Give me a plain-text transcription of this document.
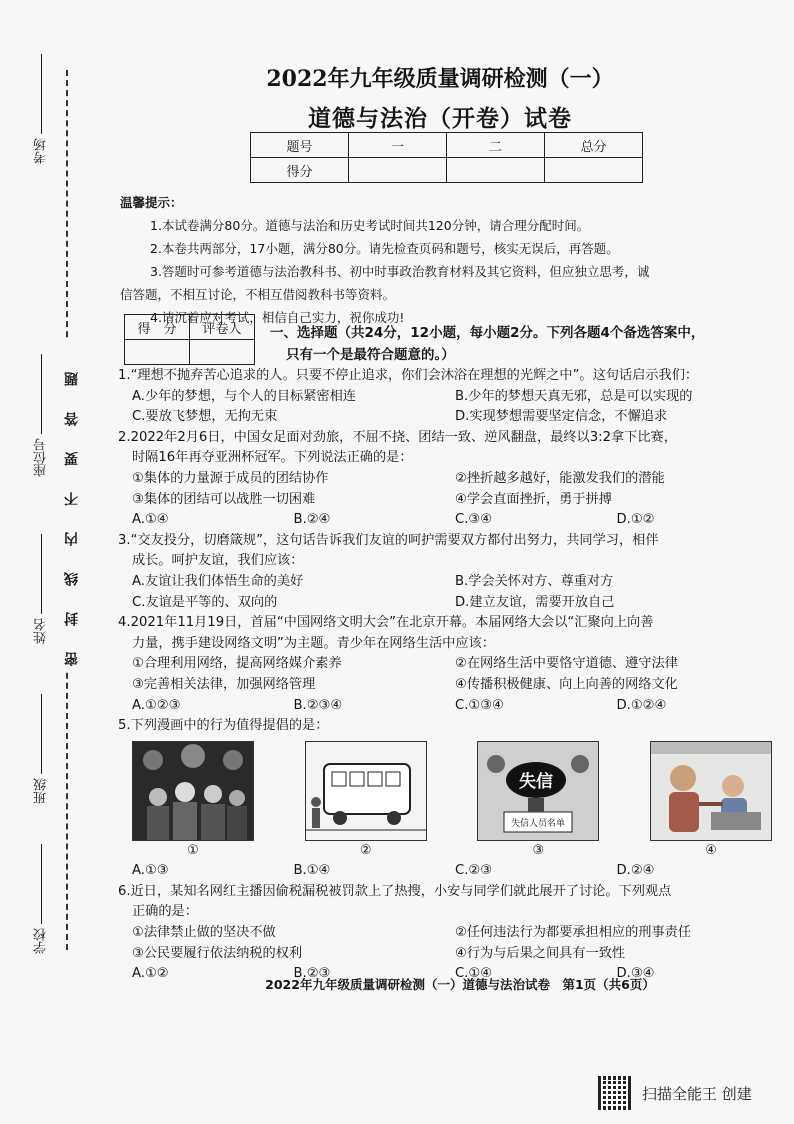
考场
座位号
姓名
班级
学校
密封线内不要答题
2022年九年级质量调研检测（一）
道德与法治（开卷）试卷
题号	一	二	总分
得分			
温馨提示：
1.本试卷满分80分。道德与法治和历史考试时间共120分钟，请合理分配时间。
2.本卷共两部分，17小题，满分80分。请先检查页码和题号，核实无误后，再答题。
3.答题时可参考道德与法治教科书、初中时事政治教育材料及其它资料，但应独立思考，诚
信答题，不相互讨论，不相互借阅教科书等资料。
4.请沉着应对考试，相信自己实力，祝你成功!
得　分	评卷人
	一、选择题（共24分，12小题，每小题2分。下列各题4个备选答案中，
只有一个是最符合题意的。）
1.“理想不抛弃苦心追求的人。只要不停止追求，你们会沐浴在理想的光辉之中”。这句话启示我们：
A.少年的梦想，与个人的目标紧密相连	B.少年的梦想天真无邪，总是可以实现的
C.要放飞梦想，无拘无束	D.实现梦想需要坚定信念，不懈追求
2.2022年2月6日，中国女足面对劲旅，不屈不挠、团结一致、逆风翻盘，最终以3:2拿下比赛，
时隔16年再夺亚洲杯冠军。下列说法正确的是：
①集体的力量源于成员的团结协作	②挫折越多越好，能激发我们的潜能
③集体的团结可以战胜一切困难	④学会直面挫折，勇于拼搏
A.①④	B.②④	C.③④	D.①②
3.“交友投分，切磨箴规”，这句话告诉我们友谊的呵护需要双方都付出努力，共同学习，相伴
成长。呵护友谊，我们应该：
A.友谊让我们体悟生命的美好	B.学会关怀对方、尊重对方
C.友谊是平等的、双向的	D.建立友谊，需要开放自己
4.2021年11月19日，首届“中国网络文明大会”在北京开幕。本届网络大会以“汇聚向上向善
力量，携手建设网络文明”为主题。青少年在网络生活中应该：
①合理利用网络，提高网络媒介素养	②在网络生活中要恪守道德、遵守法律
③完善相关法律，加强网络管理	④传播积极健康、向上向善的网络文化
A.①②③	B.②③④	C.①③④	D.①②④
5.下列漫画中的行为值得提倡的是：
①	②
失信
失信人员名单
③	④
A.①③	B.①④	C.②③	D.②④
6.近日，某知名网红主播因偷税漏税被罚款上了热搜，小安与同学们就此展开了讨论。下列观点
正确的是：
①法律禁止做的坚决不做	②任何违法行为都要承担相应的刑事责任
③公民要履行依法纳税的权利	④行为与后果之间具有一致性
A.①②	B.②③	C.①④	D.③④
2022年九年级质量调研检测（一）道德与法治试卷　第1页（共6页）
扫描全能王 创建
